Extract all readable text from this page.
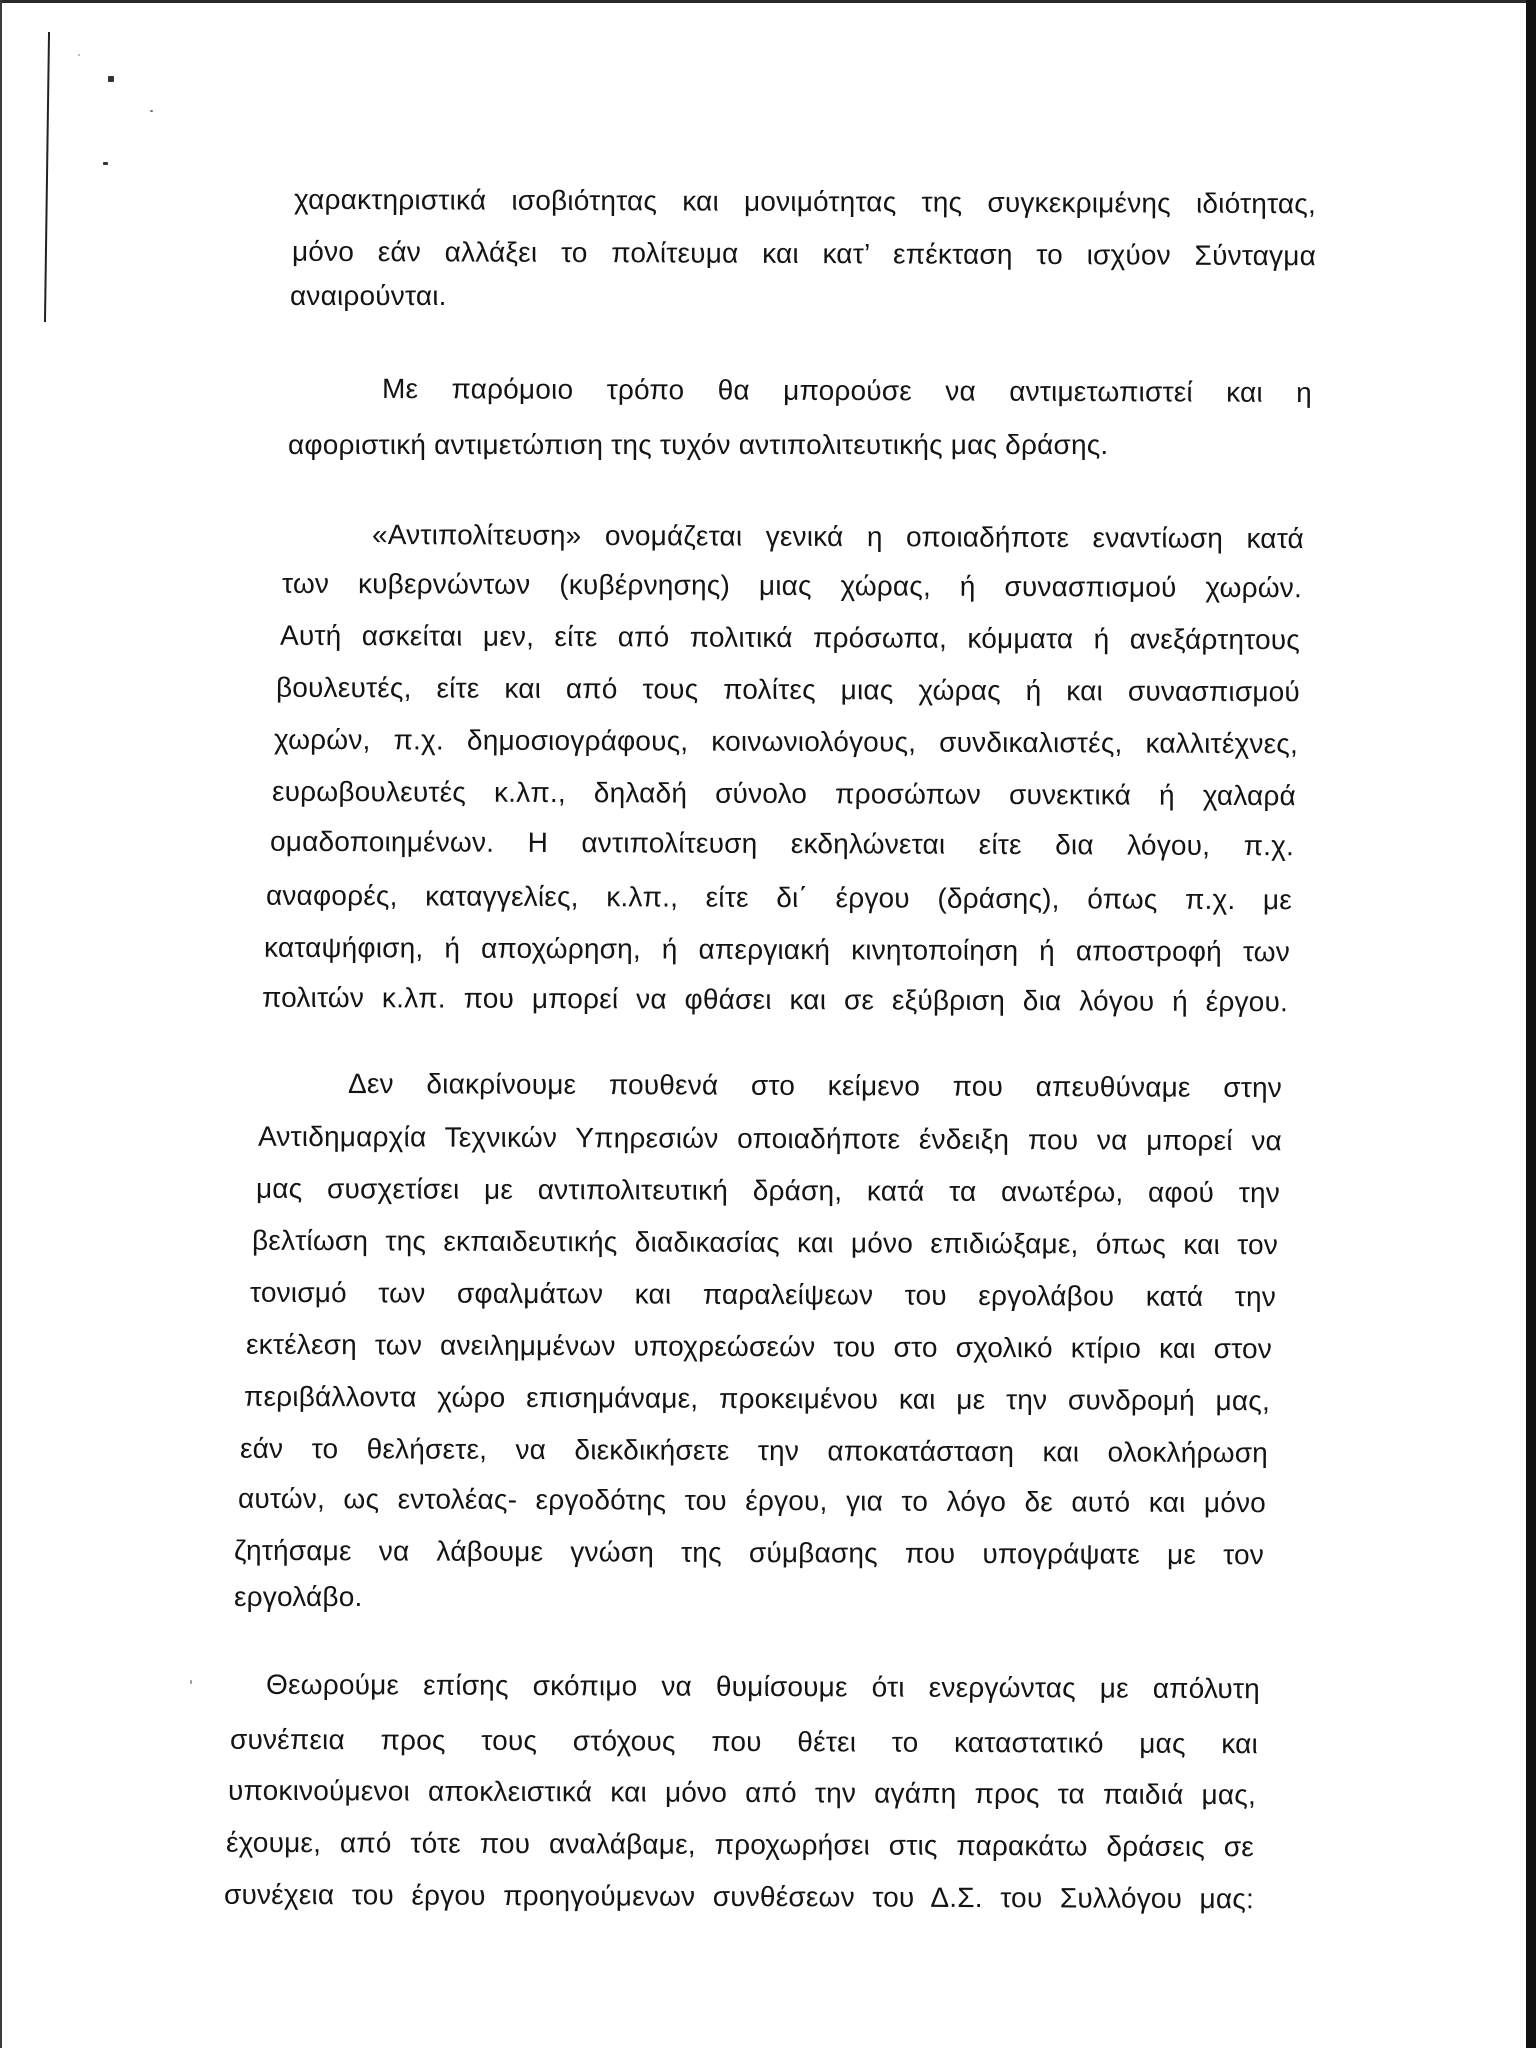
χαρακτηριστικά ισοβιότητας και μονιμότητας της συγκεκριμένης ιδιότητας,
μόνο εάν αλλάξει το πολίτευμα και κατ’ επέκταση το ισχύον Σύνταγμα
αναιρούνται.
Με παρόμοιο τρόπο θα μπορούσε να αντιμετωπιστεί και η
αφοριστική αντιμετώπιση της τυχόν αντιπολιτευτικής μας δράσης.
«Αντιπολίτευση» ονομάζεται γενικά η οποιαδήποτε εναντίωση κατά
των κυβερνώντων (κυβέρνησης) μιας χώρας, ή συνασπισμού χωρών.
Αυτή ασκείται μεν, είτε από πολιτικά πρόσωπα, κόμματα ή ανεξάρτητους
βουλευτές, είτε και από τους πολίτες μιας χώρας ή και συνασπισμού
χωρών, π.χ. δημοσιογράφους, κοινωνιολόγους, συνδικαλιστές, καλλιτέχνες,
ευρωβουλευτές κ.λπ., δηλαδή σύνολο προσώπων συνεκτικά ή χαλαρά
ομαδοποιημένων. Η αντιπολίτευση εκδηλώνεται είτε δια λόγου, π.χ.
αναφορές, καταγγελίες, κ.λπ., είτε δι΄ έργου (δράσης), όπως π.χ. με
καταψήφιση, ή αποχώρηση, ή απεργιακή κινητοποίηση ή αποστροφή των
πολιτών κ.λπ. που μπορεί να φθάσει και σε εξύβριση δια λόγου ή έργου.
Δεν διακρίνουμε πουθενά στο κείμενο που απευθύναμε στην
Αντιδημαρχία Τεχνικών Υπηρεσιών οποιαδήποτε ένδειξη που να μπορεί να
μας συσχετίσει με αντιπολιτευτική δράση, κατά τα ανωτέρω, αφού την
βελτίωση της εκπαιδευτικής διαδικασίας και μόνο επιδιώξαμε, όπως και τον
τονισμό των σφαλμάτων και παραλείψεων του εργολάβου κατά την
εκτέλεση των ανειλημμένων υποχρεώσεών του στο σχολικό κτίριο και στον
περιβάλλοντα χώρο επισημάναμε, προκειμένου και με την συνδρομή μας,
εάν το θελήσετε, να διεκδικήσετε την αποκατάσταση και ολοκλήρωση
αυτών, ως εντολέας- εργοδότης του έργου, για το λόγο δε αυτό και μόνο
ζητήσαμε να λάβουμε γνώση της σύμβασης που υπογράψατε με τον
εργολάβο.
Θεωρούμε επίσης σκόπιμο να θυμίσουμε ότι ενεργώντας με απόλυτη
συνέπεια προς τους στόχους που θέτει το καταστατικό μας και
υποκινούμενοι αποκλειστικά και μόνο από την αγάπη προς τα παιδιά μας,
έχουμε, από τότε που αναλάβαμε, προχωρήσει στις παρακάτω δράσεις σε
συνέχεια του έργου προηγούμενων συνθέσεων του Δ.Σ. του Συλλόγου μας:
